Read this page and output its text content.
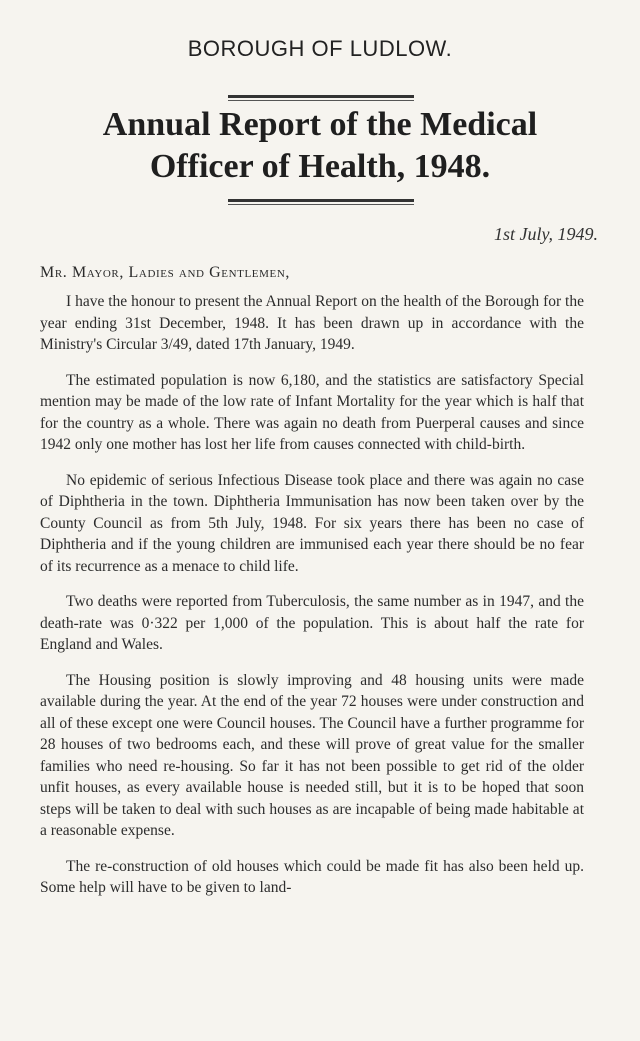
BOROUGH OF LUDLOW.
Annual Report of the Medical
Officer of Health, 1948.
1st July, 1949.
Mr. Mayor, Ladies and Gentlemen,

I have the honour to present the Annual Report on the health of the Borough for the year ending 31st December, 1948. It has been drawn up in accordance with the Ministry's Circular 3/49, dated 17th January, 1949.

The estimated population is now 6,180, and the statistics are satisfactory Special mention may be made of the low rate of Infant Mortality for the year which is half that for the country as a whole. There was again no death from Puerperal causes and since 1942 only one mother has lost her life from causes connected with child-birth.

No epidemic of serious Infectious Disease took place and there was again no case of Diphtheria in the town. Diphtheria Immunisation has now been taken over by the County Council as from 5th July, 1948. For six years there has been no case of Diphtheria and if the young children are immunised each year there should be no fear of its recurrence as a menace to child life.

Two deaths were reported from Tuberculosis, the same number as in 1947, and the death-rate was 0·322 per 1,000 of the population. This is about half the rate for England and Wales.

The Housing position is slowly improving and 48 housing units were made available during the year. At the end of the year 72 houses were under construction and all of these except one were Council houses. The Council have a further programme for 28 houses of two bedrooms each, and these will prove of great value for the smaller families who need re-housing. So far it has not been possible to get rid of the older unfit houses, as every available house is needed still, but it is to be hoped that soon steps will be taken to deal with such houses as are incapable of being made habitable at a reasonable expense.

The re-construction of old houses which could be made fit has also been held up. Some help will have to be given to land-
